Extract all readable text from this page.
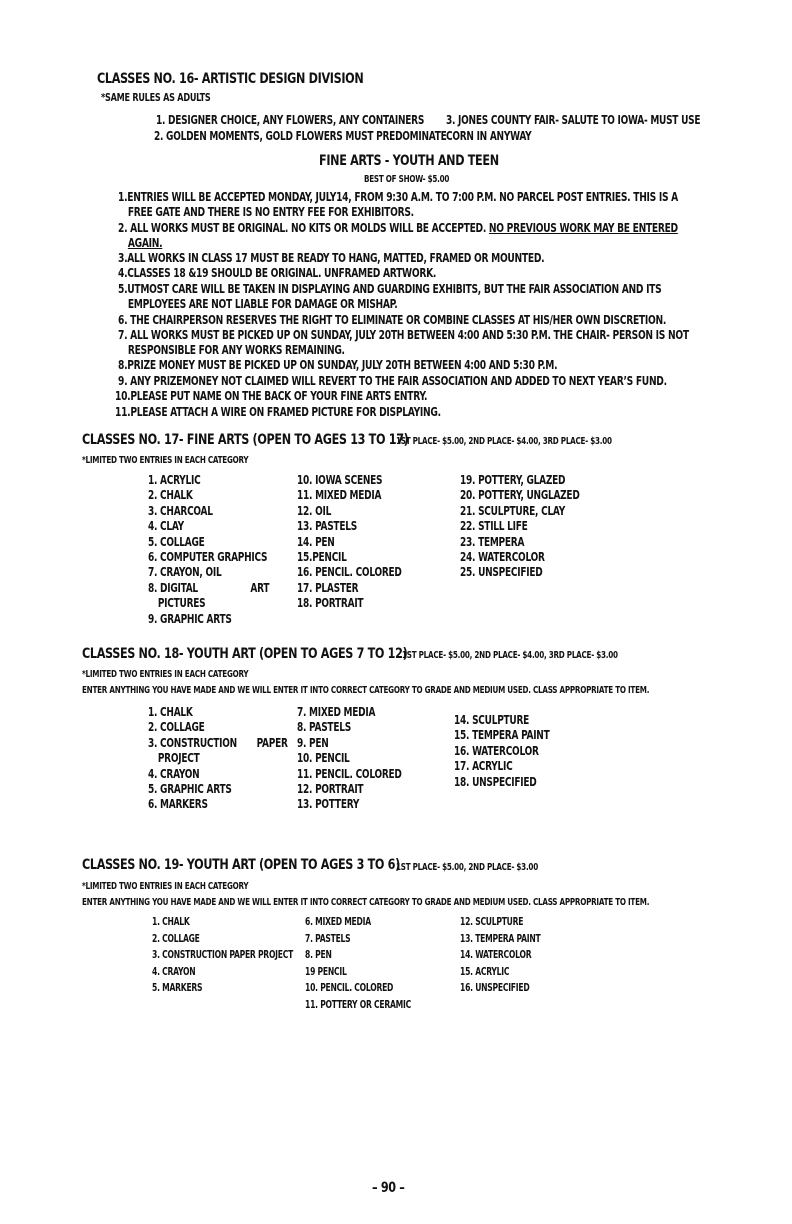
CLASSES NO. 16- ARTISTIC DESIGN DIVISION
*SAME RULES AS ADULTS
1. DESIGNER CHOICE, ANY FLOWERS, ANY CONTAINERS
2. GOLDEN MOMENTS, GOLD FLOWERS MUST PREDOMINATE
3. JONES COUNTY FAIR- SALUTE TO IOWA- MUST USE
CORN IN ANYWAY
FINE ARTS - YOUTH AND TEEN
BEST OF SHOW- $5.00
1.ENTRIES WILL BE ACCEPTED MONDAY, JULY14, FROM 9:30 A.M. TO 7:00 P.M. NO PARCEL POST ENTRIES. THIS IS A
FREE GATE AND THERE IS NO ENTRY FEE FOR EXHIBITORS.
2. ALL WORKS MUST BE ORIGINAL. NO KITS OR MOLDS WILL BE ACCEPTED. NO PREVIOUS WORK MAY BE ENTERED
AGAIN.
3.ALL WORKS IN CLASS 17 MUST BE READY TO HANG, MATTED, FRAMED OR MOUNTED.
4.CLASSES 18 &19 SHOULD BE ORIGINAL. UNFRAMED ARTWORK.
5.UTMOST CARE WILL BE TAKEN IN DISPLAYING AND GUARDING EXHIBITS, BUT THE FAIR ASSOCIATION AND ITS
EMPLOYEES ARE NOT LIABLE FOR DAMAGE OR MISHAP.
6. THE CHAIRPERSON RESERVES THE RIGHT TO ELIMINATE OR COMBINE CLASSES AT HIS/HER OWN DISCRETION.
7. ALL WORKS MUST BE PICKED UP ON SUNDAY, JULY 20TH BETWEEN 4:00 AND 5:30 P.M. THE CHAIR- PERSON IS NOT
RESPONSIBLE FOR ANY WORKS REMAINING.
8.PRIZE MONEY MUST BE PICKED UP ON SUNDAY, JULY 20TH BETWEEN 4:00 AND 5:30 P.M.
9. ANY PRIZEMONEY NOT CLAIMED WILL REVERT TO THE FAIR ASSOCIATION AND ADDED TO NEXT YEAR’S FUND.
10.PLEASE PUT NAME ON THE BACK OF YOUR FINE ARTS ENTRY.
11.PLEASE ATTACH A WIRE ON FRAMED PICTURE FOR DISPLAYING.
CLASSES NO. 17- FINE ARTS (OPEN TO AGES 13 TO 17)
1ST PLACE- $5.00, 2ND PLACE- $4.00, 3RD PLACE- $3.00
*LIMITED TWO ENTRIES IN EACH CATEGORY
1. ACRYLIC
2. CHALK
3. CHARCOAL
4. CLAY
5. COLLAGE
6. COMPUTER GRAPHICS
7. CRAYON, OIL
8. DIGITAL	ART
PICTURES
9. GRAPHIC ARTS
10. IOWA SCENES
11. MIXED MEDIA
12. OIL
13. PASTELS
14. PEN
15.PENCIL
16. PENCIL. COLORED
17. PLASTER
18. PORTRAIT
19. POTTERY, GLAZED
20. POTTERY, UNGLAZED
21. SCULPTURE, CLAY
22. STILL LIFE
23. TEMPERA
24. WATERCOLOR
25. UNSPECIFIED
CLASSES NO. 18- YOUTH ART (OPEN TO AGES 7 TO 12)
1ST PLACE- $5.00, 2ND PLACE- $4.00, 3RD PLACE- $3.00
*LIMITED TWO ENTRIES IN EACH CATEGORY
ENTER ANYTHING YOU HAVE MADE AND WE WILL ENTER IT INTO CORRECT CATEGORY TO GRADE AND MEDIUM USED. CLASS APPROPRIATE TO ITEM.
1. CHALK
2. COLLAGE
3. CONSTRUCTION PAPER
PROJECT
4. CRAYON
5. GRAPHIC ARTS
6. MARKERS
7. MIXED MEDIA
8. PASTELS
9. PEN
10. PENCIL
11. PENCIL. COLORED
12. PORTRAIT
13. POTTERY
14. SCULPTURE
15. TEMPERA PAINT
16. WATERCOLOR
17. ACRYLIC
18. UNSPECIFIED
CLASSES NO. 19- YOUTH ART (OPEN TO AGES 3 TO 6)
1ST PLACE- $5.00, 2ND PLACE- $3.00
*LIMITED TWO ENTRIES IN EACH CATEGORY
ENTER ANYTHING YOU HAVE MADE AND WE WILL ENTER IT INTO CORRECT CATEGORY TO GRADE AND MEDIUM USED. CLASS APPROPRIATE TO ITEM.
1. CHALK
2. COLLAGE
3. CONSTRUCTION PAPER PROJECT
4. CRAYON
5. MARKERS
6. MIXED MEDIA
7. PASTELS
8. PEN
19 PENCIL
10. PENCIL. COLORED
11. POTTERY OR CERAMIC
12. SCULPTURE
13. TEMPERA PAINT
14. WATERCOLOR
15. ACRYLIC
16. UNSPECIFIED
– 90 –
